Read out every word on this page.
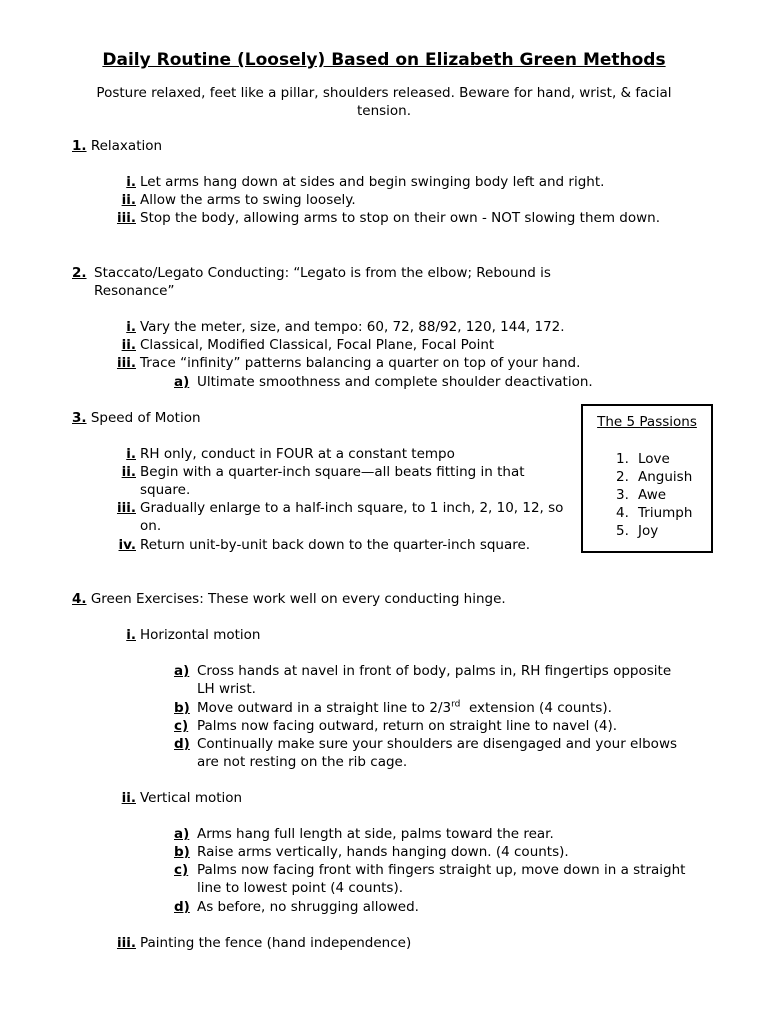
Daily Routine (Loosely) Based on Elizabeth Green Methods
Posture relaxed, feet like a pillar, shoulders released. Beware for hand, wrist, & facial tension.
1. Relaxation
i. Let arms hang down at sides and begin swinging body left and right.
ii. Allow the arms to swing loosely.
iii. Stop the body, allowing arms to stop on their own - NOT slowing them down.
2. Staccato/Legato Conducting: “Legato is from the elbow; Rebound is Resonance”
i. Vary the meter, size, and tempo: 60, 72, 88/92, 120, 144, 172.
ii. Classical, Modified Classical, Focal Plane, Focal Point
iii. Trace “infinity” patterns balancing a quarter on top of your hand.
a) Ultimate smoothness and complete shoulder deactivation.
3. Speed of Motion
i. RH only, conduct in FOUR at a constant tempo
ii. Begin with a quarter-inch square—all beats fitting in that square.
iii. Gradually enlarge to a half-inch square, to 1 inch, 2, 10, 12, so on.
iv. Return unit-by-unit back down to the quarter-inch square.
The 5 Passions
1. Love
2. Anguish
3. Awe
4. Triumph
5. Joy
4. Green Exercises: These work well on every conducting hinge.
i. Horizontal motion
a) Cross hands at navel in front of body, palms in, RH fingertips opposite LH wrist.
b) Move outward in a straight line to 2/3rd  extension (4 counts).
c) Palms now facing outward, return on straight line to navel (4).
d) Continually make sure your shoulders are disengaged and your elbows are not resting on the rib cage.
ii. Vertical motion
a) Arms hang full length at side, palms toward the rear.
b) Raise arms vertically, hands hanging down. (4 counts).
c) Palms now facing front with fingers straight up, move down in a straight line to lowest point (4 counts).
d) As before, no shrugging allowed.
iii. Painting the fence (hand independence)
